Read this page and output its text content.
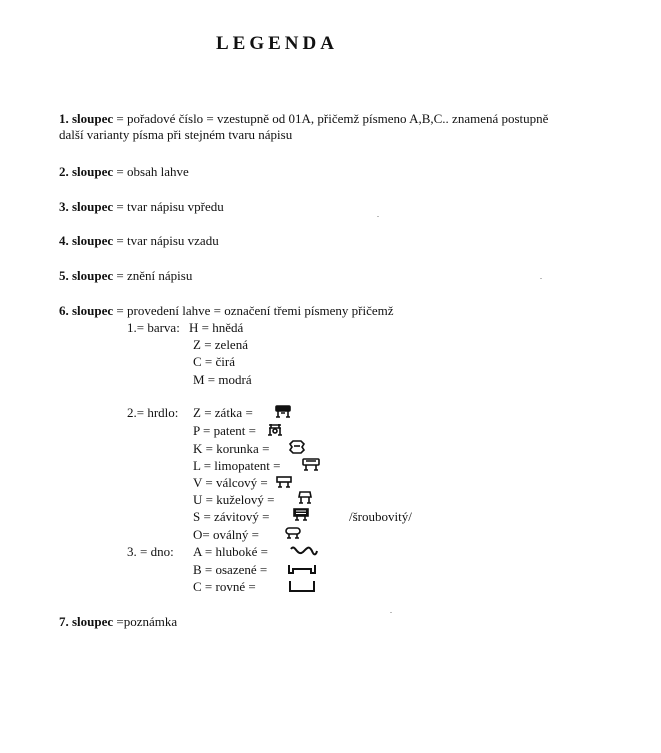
LEGENDA
1. sloupec = pořadové číslo = vzestupně od 01A, přičemž písmeno A,B,C.. znamená postupně
další varianty písma při stejném tvaru nápisu
2. sloupec = obsah lahve
3. sloupec = tvar nápisu vpředu
4. sloupec = tvar nápisu vzadu
5. sloupec = znění nápisu
6. sloupec = provedení lahve = označení třemi písmeny přičemž
1.= barva: H = hnědá
Z = zelená
C = čirá
M = modrá
2.= hrdlo: Z = zátka =
P = patent =
K = korunka =
L = limopatent =
V = válcový =
U = kuželový =
S = závitový =	/šroubovitý/
O= oválný =
3. = dno: A = hluboké =
B = osazené =
C = rovné =
7. sloupec =poznámka
